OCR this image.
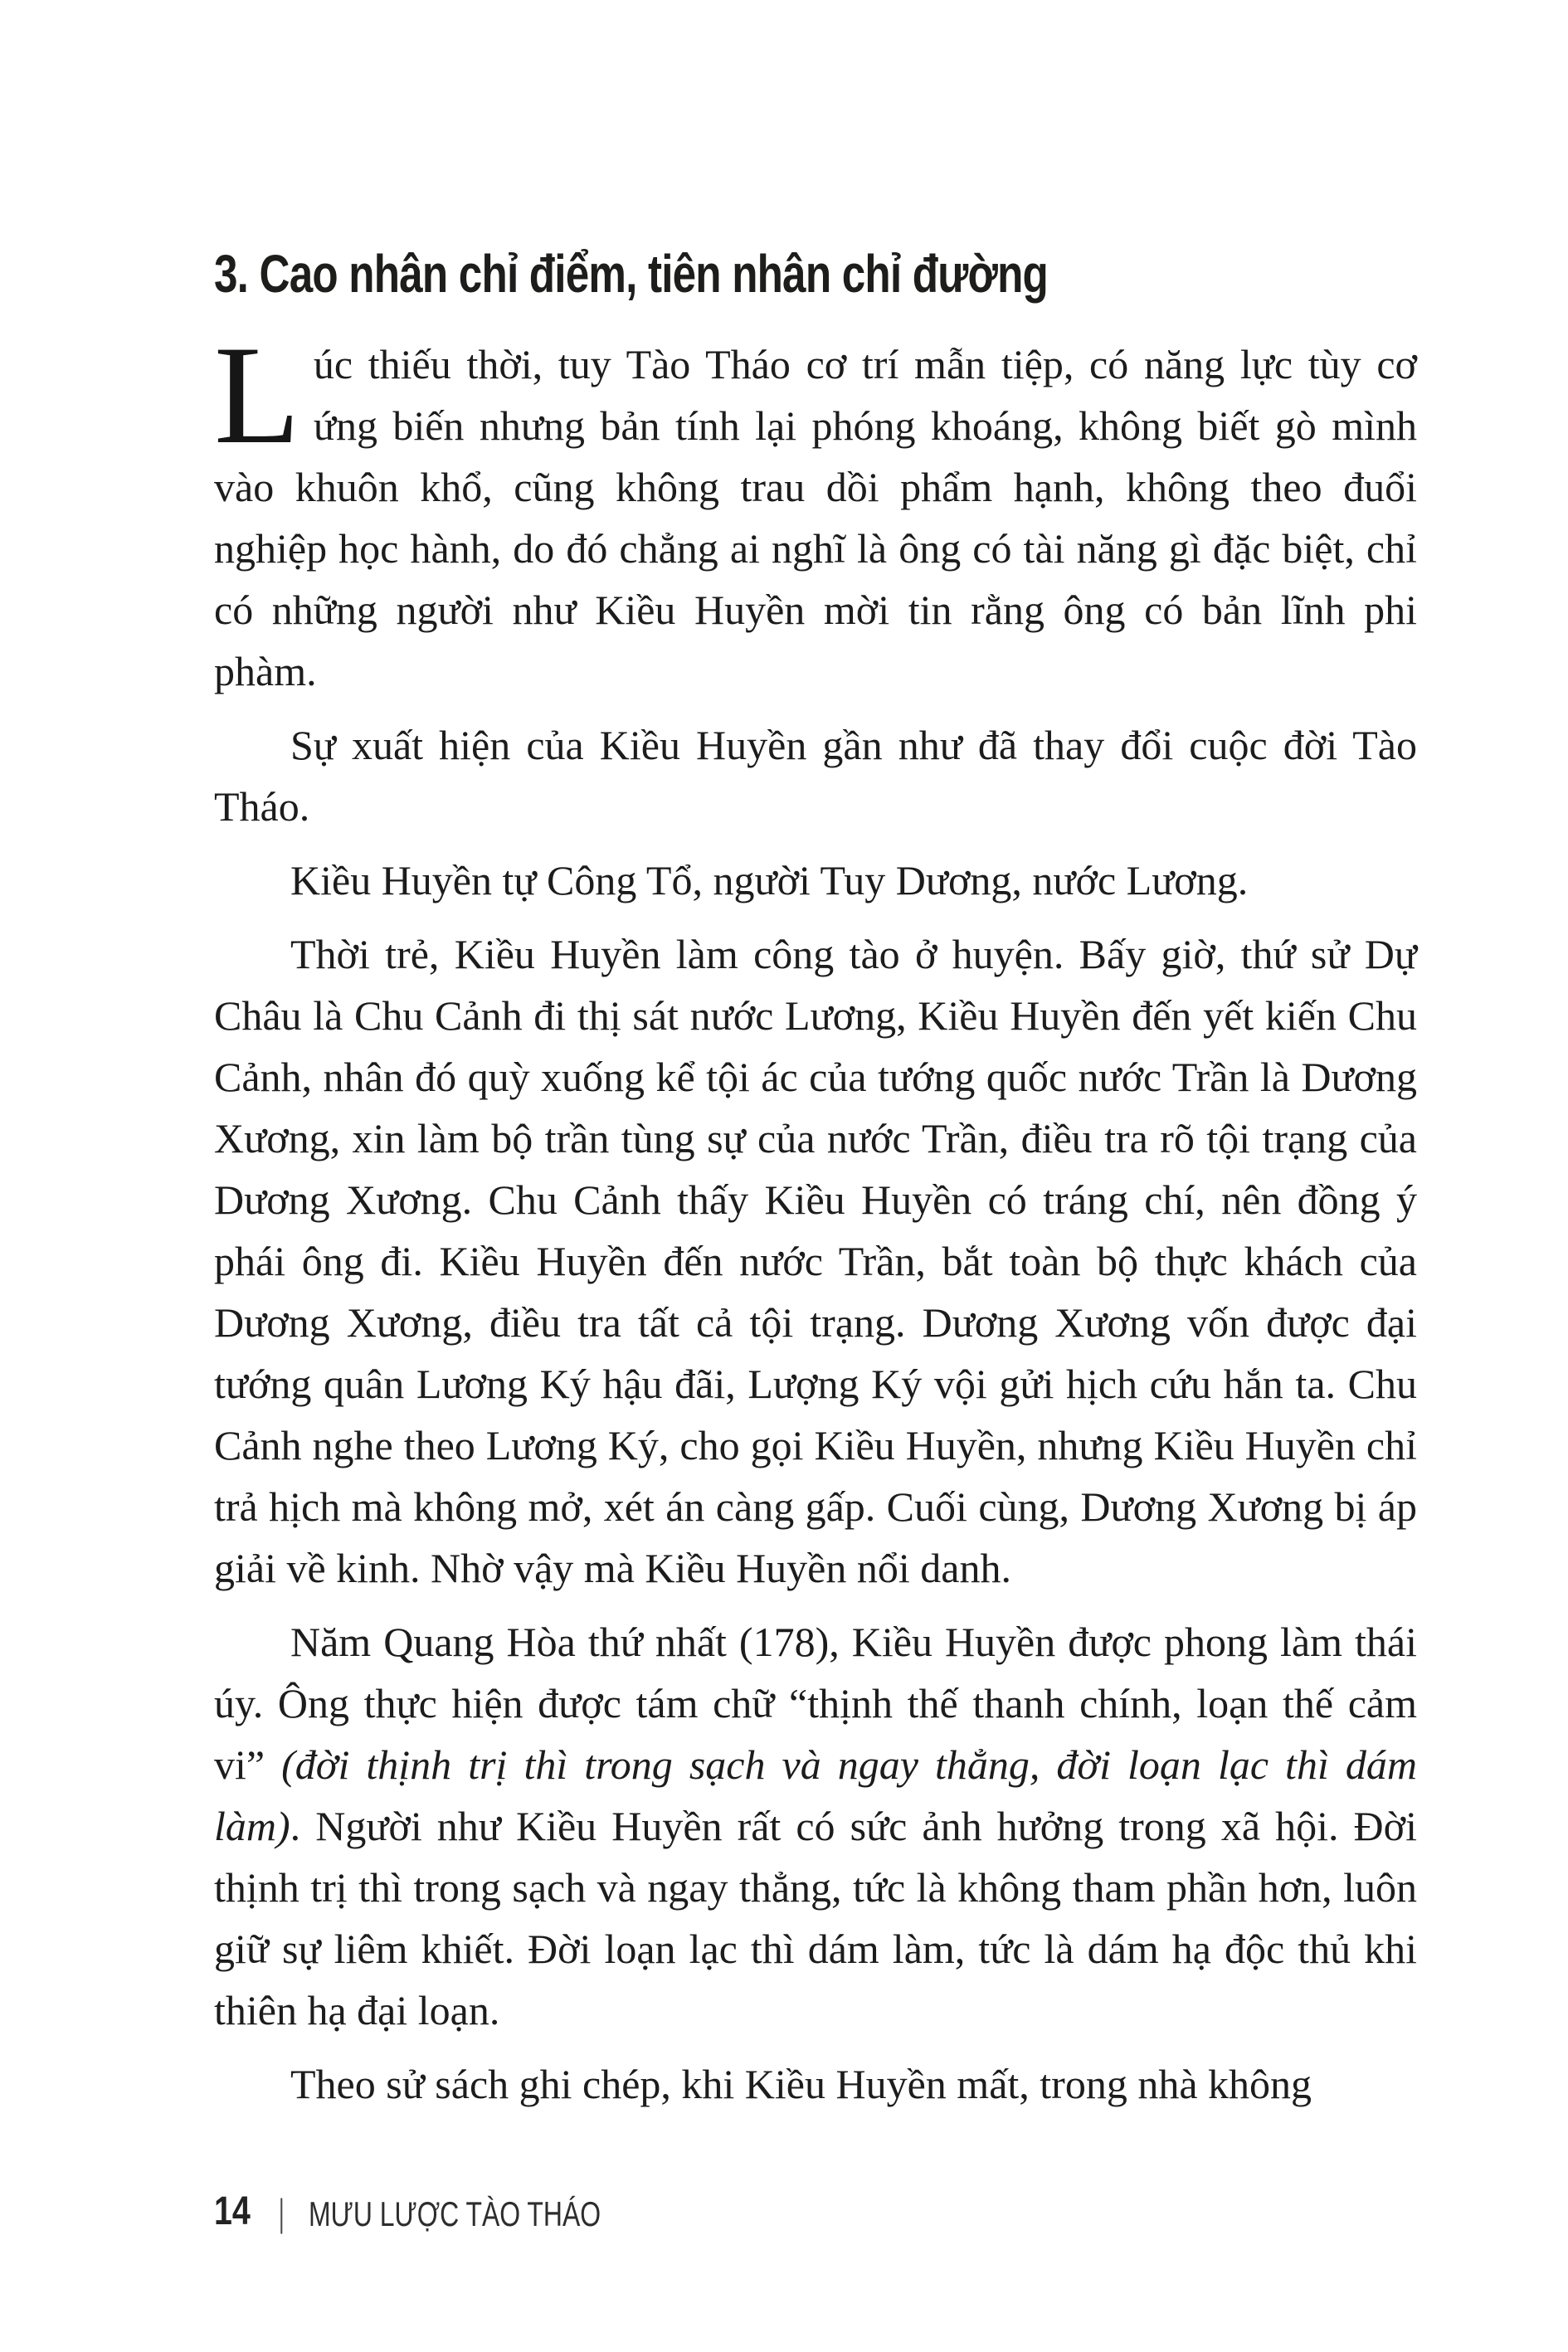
3. Cao nhân chỉ điểm, tiên nhân chỉ đường

L úc thiếu thời, tuy Tào Tháo cơ trí mẫn tiệp, có năng lực tùy cơ ứng biến nhưng bản tính lại phóng khoáng, không biết gò mình vào khuôn khổ, cũng không trau dồi phẩm hạnh, không theo đuổi nghiệp học hành, do đó chẳng ai nghĩ là ông có tài năng gì đặc biệt, chỉ có những người như Kiều Huyền mời tin rằng ông có bản lĩnh phi phàm.

Sự xuất hiện của Kiều Huyền gần như đã thay đổi cuộc đời Tào Tháo.

Kiều Huyền tự Công Tổ, người Tuy Dương, nước Lương.

Thời trẻ, Kiều Huyền làm công tào ở huyện. Bấy giờ, thứ sử Dự Châu là Chu Cảnh đi thị sát nước Lương, Kiều Huyền đến yết kiến Chu Cảnh, nhân đó quỳ xuống kể tội ác của tướng quốc nước Trần là Dương Xương, xin làm bộ trần tùng sự của nước Trần, điều tra rõ tội trạng của Dương Xương. Chu Cảnh thấy Kiều Huyền có tráng chí, nên đồng ý phái ông đi. Kiều Huyền đến nước Trần, bắt toàn bộ thực khách của Dương Xương, điều tra tất cả tội trạng. Dương Xương vốn được đại tướng quân Lương Ký hậu đãi, Lượng Ký vội gửi hịch cứu hắn ta. Chu Cảnh nghe theo Lương Ký, cho gọi Kiều Huyền, nhưng Kiều Huyền chỉ trả hịch mà không mở, xét án càng gấp. Cuối cùng, Dương Xương bị áp giải về kinh. Nhờ vậy mà Kiều Huyền nổi danh.

Năm Quang Hòa thứ nhất (178), Kiều Huyền được phong làm thái úy. Ông thực hiện được tám chữ “thịnh thế thanh chính, loạn thế cảm vi” (đời thịnh trị thì trong sạch và ngay thẳng, đời loạn lạc thì dám làm). Người như Kiều Huyền rất có sức ảnh hưởng trong xã hội. Đời thịnh trị thì trong sạch và ngay thẳng, tức là không tham phần hơn, luôn giữ sự liêm khiết. Đời loạn lạc thì dám làm, tức là dám hạ độc thủ khi thiên hạ đại loạn.

Theo sử sách ghi chép, khi Kiều Huyền mất, trong nhà không

14 | MƯU LƯỢC TÀO THÁO
